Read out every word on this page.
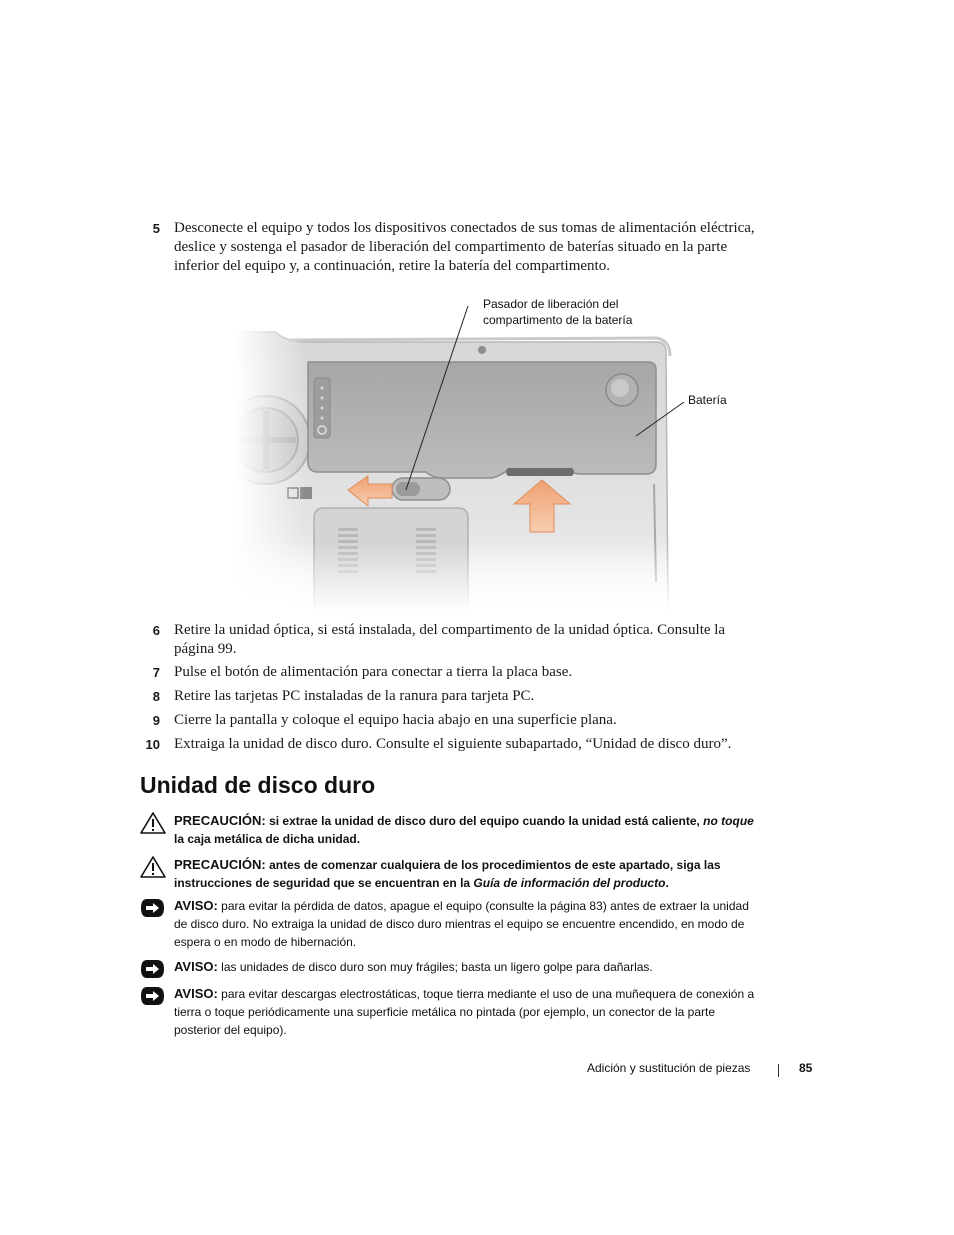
5 Desconecte el equipo y todos los dispositivos conectados de sus tomas de alimentación eléctrica, deslice y sostenga el pasador de liberación del compartimento de baterías situado en la parte inferior del equipo y, a continuación, retire la batería del compartimento.
Pasador de liberación del
compartimento de la batería
Batería
6 Retire la unidad óptica, si está instalada, del compartimento de la unidad óptica. Consulte la página 99.
7 Pulse el botón de alimentación para conectar a tierra la placa base.
8 Retire las tarjetas PC instaladas de la ranura para tarjeta PC.
9 Cierre la pantalla y coloque el equipo hacia abajo en una superficie plana.
10 Extraiga la unidad de disco duro. Consulte el siguiente subapartado, “Unidad de disco duro”.
Unidad de disco duro
PRECAUCIÓN: si extrae la unidad de disco duro del equipo cuando la unidad está caliente, no toque la caja metálica de dicha unidad.
PRECAUCIÓN: antes de comenzar cualquiera de los procedimientos de este apartado, siga las instrucciones de seguridad que se encuentran en la Guía de información del producto.
AVISO: para evitar la pérdida de datos, apague el equipo (consulte la página 83) antes de extraer la unidad de disco duro. No extraiga la unidad de disco duro mientras el equipo se encuentre encendido, en modo de espera o en modo de hibernación.
AVISO: las unidades de disco duro son muy frágiles; basta un ligero golpe para dañarlas.
AVISO: para evitar descargas electrostáticas, toque tierra mediante el uso de una muñequera de conexión a tierra o toque periódicamente una superficie metálica no pintada (por ejemplo, un conector de la parte posterior del equipo).
Adición y sustitución de piezas	85
